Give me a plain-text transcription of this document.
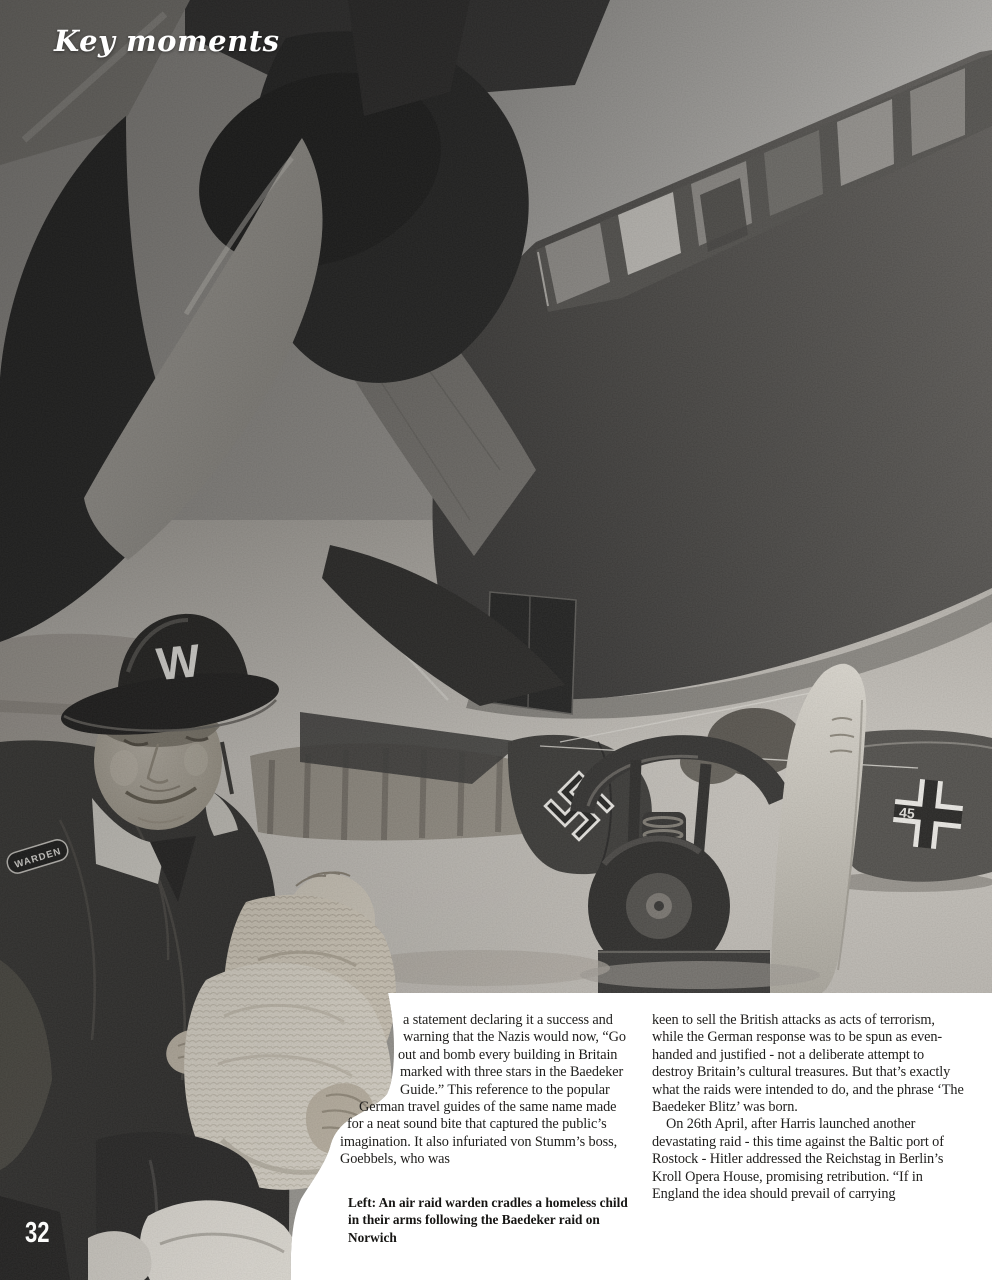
Key moments
32

a statement declaring it a success and warning that the Nazis would now, “Go out and bomb every building in Britain marked with three stars in the Baedeker Guide.” This reference to the popular German travel guides of the same name made for a neat sound bite that captured the public’s imagination. It also infuriated von Stumm’s boss, Goebbels, who was

Left: An air raid warden cradles a homeless child in their arms following the Baedeker raid on Norwich

keen to sell the British attacks as acts of terrorism, while the German response was to be spun as even-handed and justified - not a deliberate attempt to destroy Britain’s cultural treasures. But that’s exactly what the raids were intended to do, and the phrase ‘The Baedeker Blitz’ was born.

On 26th April, after Harris launched another devastating raid - this time against the Baltic port of Rostock - Hitler addressed the Reichstag in Berlin’s Kroll Opera House, promising retribution. “If in England the idea should prevail of carrying
